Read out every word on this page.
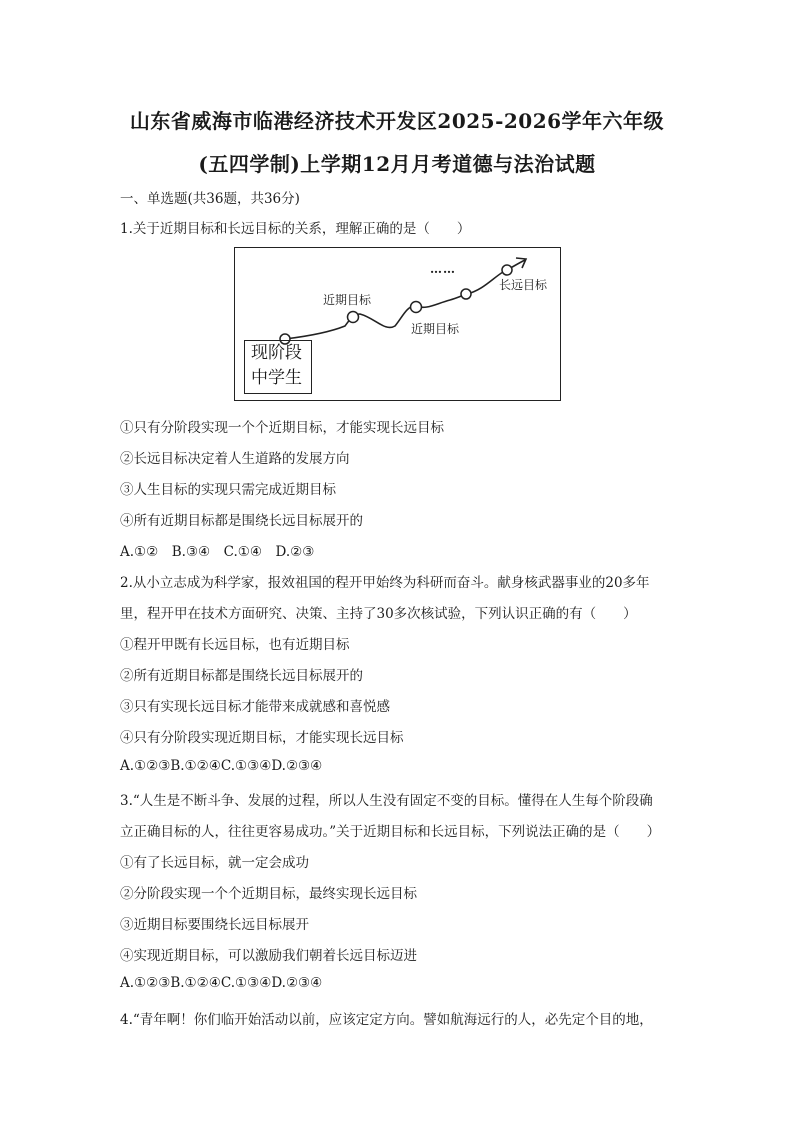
山东省威海市临港经济技术开发区2025-2026学年六年级
(五四学制)上学期12月月考道德与法治试题
一、单选题(共36题，共36分)
1.关于近期目标和长远目标的关系，理解正确的是（　　）
近期目标
近期目标
长远目标
……
现阶段
中学生
①只有分阶段实现一个个近期目标，才能实现长远目标
②长远目标决定着人生道路的发展方向
③人生目标的实现只需完成近期目标
④所有近期目标都是围绕长远目标展开的
A.①②　B.③④　C.①④　D.②③
2.从小立志成为科学家，报效祖国的程开甲始终为科研而奋斗。献身核武器事业的20多年
里，程开甲在技术方面研究、决策、主持了30多次核试验，下列认识正确的有（　　）
①程开甲既有长远目标，也有近期目标
②所有近期目标都是围绕长远目标展开的
③只有实现长远目标才能带来成就感和喜悦感
④只有分阶段实现近期目标，才能实现长远目标
A.①②③B.①②④C.①③④D.②③④
3.“人生是不断斗争、发展的过程，所以人生没有固定不变的目标。懂得在人生每个阶段确
立正确目标的人，往往更容易成功。”关于近期目标和长远目标，下列说法正确的是（　　）
①有了长远目标，就一定会成功
②分阶段实现一个个近期目标，最终实现长远目标
③近期目标要围绕长远目标展开
④实现近期目标，可以激励我们朝着长远目标迈进
A.①②③B.①②④C.①③④D.②③④
4.“青年啊！你们临开始活动以前，应该定定方向。譬如航海远行的人，必先定个目的地，
